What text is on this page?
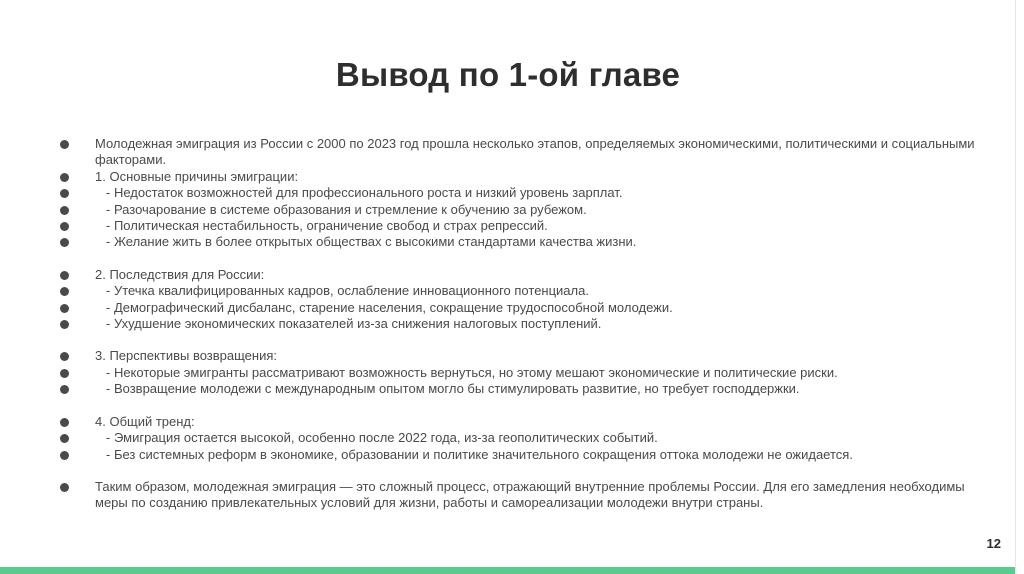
Вывод по 1-ой главе
Молодежная эмиграция из России с 2000 по 2023 год прошла несколько этапов, определяемых экономическими, политическими и социальными факторами.
1. Основные причины эмиграции:
- Недостаток возможностей для профессионального роста и низкий уровень зарплат.
- Разочарование в системе образования и стремление к обучению за рубежом.
- Политическая нестабильность, ограничение свобод и страх репрессий.
- Желание жить в более открытых обществах с высокими стандартами качества жизни.
2. Последствия для России:
- Утечка квалифицированных кадров, ослабление инновационного потенциала.
- Демографический дисбаланс, старение населения, сокращение трудоспособной молодежи.
- Ухудшение экономических показателей из-за снижения налоговых поступлений.
3. Перспективы возвращения:
- Некоторые эмигранты рассматривают возможность вернуться, но этому мешают экономические и политические риски.
- Возвращение молодежи с международным опытом могло бы стимулировать развитие, но требует господдержки.
4. Общий тренд:
- Эмиграция остается высокой, особенно после 2022 года, из-за геополитических событий.
- Без системных реформ в экономике, образовании и политике значительного сокращения оттока молодежи не ожидается.
Таким образом, молодежная эмиграция — это сложный процесс, отражающий внутренние проблемы России. Для его замедления необходимы меры по созданию привлекательных условий для жизни, работы и самореализации молодежи внутри страны.
12
